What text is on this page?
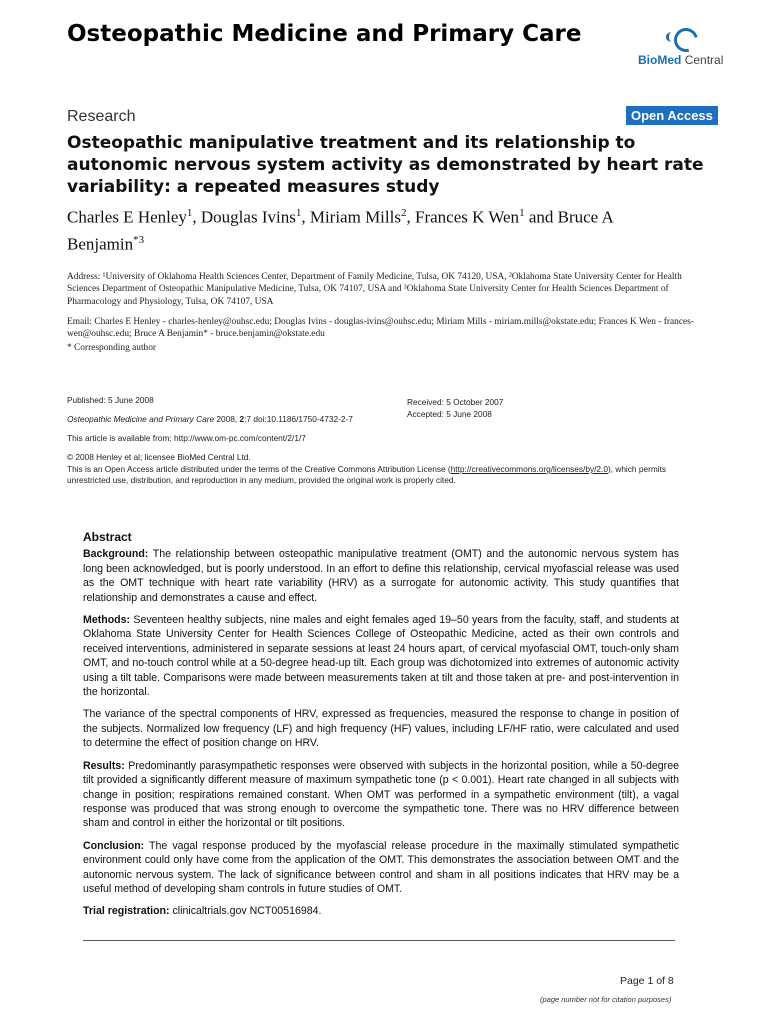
Osteopathic Medicine and Primary Care
BioMed Central
Research	Open Access
Osteopathic manipulative treatment and its relationship to autonomic nervous system activity as demonstrated by heart rate variability: a repeated measures study
Charles E Henley$^1$, Douglas Ivins$^1$, Miriam Mills$^2$, Frances K Wen$^1$ and Bruce A Benjamin$^{*3}$
Address: ¹University of Oklahoma Health Sciences Center, Department of Family Medicine, Tulsa, OK 74120, USA, ²Oklahoma State University Center for Health Sciences Department of Osteopathic Manipulative Medicine, Tulsa, OK 74107, USA and ³Oklahoma State University Center for Health Sciences Department of Pharmacology and Physiology, Tulsa, OK 74107, USA
Email: Charles E Henley - charles-henley@ouhsc.edu; Douglas Ivins - douglas-ivins@ouhsc.edu; Miriam Mills - miriam.mills@okstate.edu; Frances K Wen - frances-wen@ouhsc.edu; Bruce A Benjamin* - bruce.benjamin@okstate.edu
* Corresponding author
Published: 5 June 2008
Osteopathic Medicine and Primary Care 2008, 2:7 doi:10.1186/1750-4732-2-7
This article is available from: http://www.om-pc.com/content/2/1/7
Received: 5 October 2007
Accepted: 5 June 2008
© 2008 Henley et al; licensee BioMed Central Ltd.
This is an Open Access article distributed under the terms of the Creative Commons Attribution License (http://creativecommons.org/licenses/by/2.0), which permits unrestricted use, distribution, and reproduction in any medium, provided the original work is properly cited.
Abstract

Background: The relationship between osteopathic manipulative treatment (OMT) and the autonomic nervous system has long been acknowledged, but is poorly understood. In an effort to define this relationship, cervical myofascial release was used as the OMT technique with heart rate variability (HRV) as a surrogate for autonomic activity. This study quantifies that relationship and demonstrates a cause and effect.

Methods: Seventeen healthy subjects, nine males and eight females aged 19–50 years from the faculty, staff, and students at Oklahoma State University Center for Health Sciences College of Osteopathic Medicine, acted as their own controls and received interventions, administered in separate sessions at least 24 hours apart, of cervical myofascial OMT, touch-only sham OMT, and no-touch control while at a 50-degree head-up tilt. Each group was dichotomized into extremes of autonomic activity using a tilt table. Comparisons were made between measurements taken at tilt and those taken at pre- and post-intervention in the horizontal.

The variance of the spectral components of HRV, expressed as frequencies, measured the response to change in position of the subjects. Normalized low frequency (LF) and high frequency (HF) values, including LF/HF ratio, were calculated and used to determine the effect of position change on HRV.

Results: Predominantly parasympathetic responses were observed with subjects in the horizontal position, while a 50-degree tilt provided a significantly different measure of maximum sympathetic tone (p < 0.001). Heart rate changed in all subjects with change in position; respirations remained constant. When OMT was performed in a sympathetic environment (tilt), a vagal response was produced that was strong enough to overcome the sympathetic tone. There was no HRV difference between sham and control in either the horizontal or tilt positions.

Conclusion: The vagal response produced by the myofascial release procedure in the maximally stimulated sympathetic environment could only have come from the application of the OMT. This demonstrates the association between OMT and the autonomic nervous system. The lack of significance between control and sham in all positions indicates that HRV may be a useful method of developing sham controls in future studies of OMT.

Trial registration: clinicaltrials.gov NCT00516984.

Page 1 of 8
(page number not for citation purposes)
